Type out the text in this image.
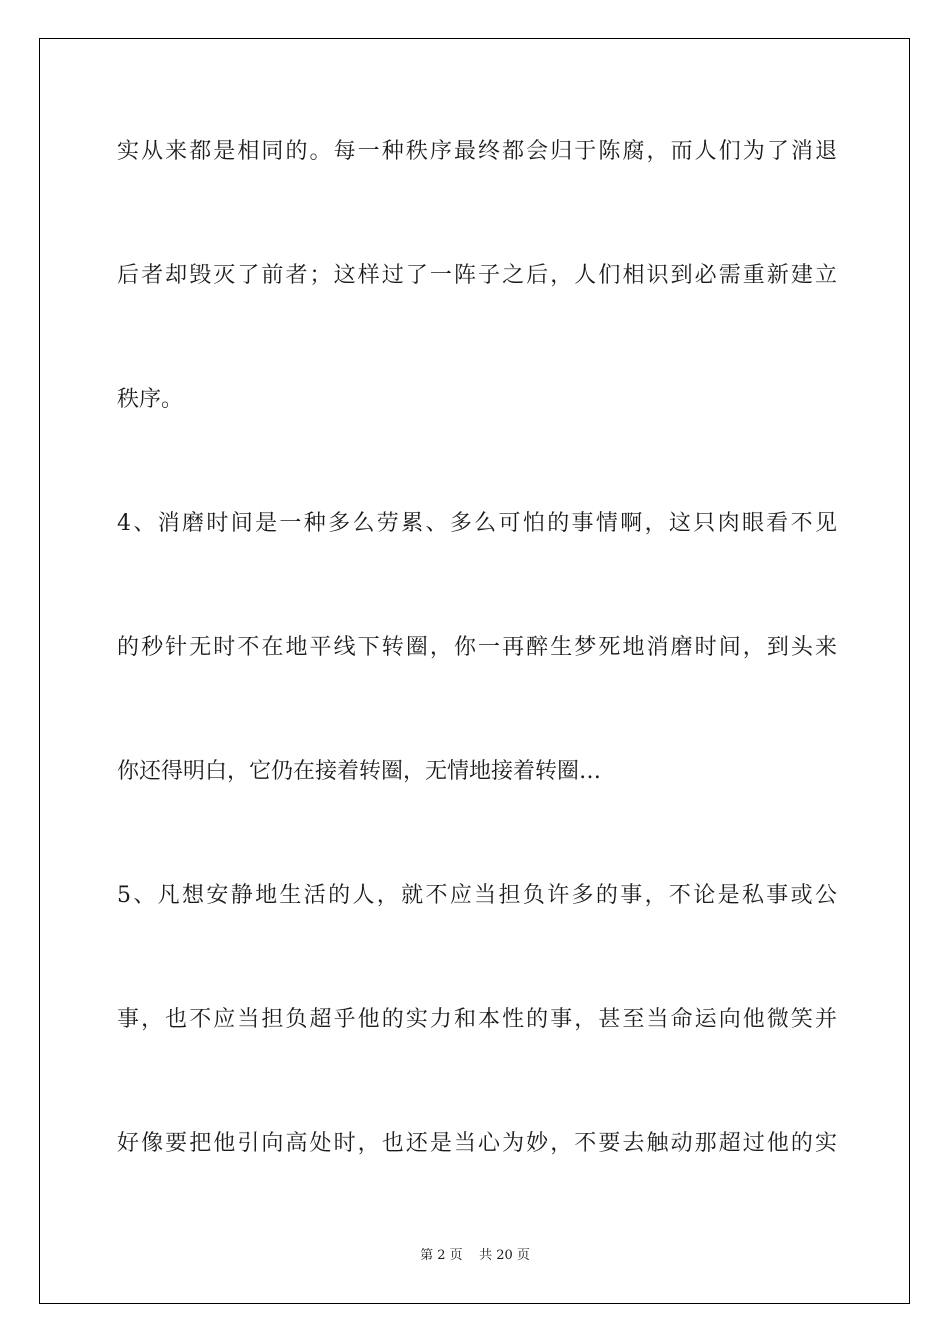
实从来都是相同的。每一种秩序最终都会归于陈腐，而人们为了消退
后者却毁灭了前者；这样过了一阵子之后，人们相识到必需重新建立
秩序。
4、消磨时间是一种多么劳累、多么可怕的事情啊，这只肉眼看不见
的秒针无时不在地平线下转圈，你一再醉生梦死地消磨时间，到头来
你还得明白，它仍在接着转圈，无情地接着转圈…
5、凡想安静地生活的人，就不应当担负许多的事，不论是私事或公
事，也不应当担负超乎他的实力和本性的事，甚至当命运向他微笑并
好像要把他引向高处时，也还是当心为妙，不要去触动那超过他的实
第 2 页    共 20 页
